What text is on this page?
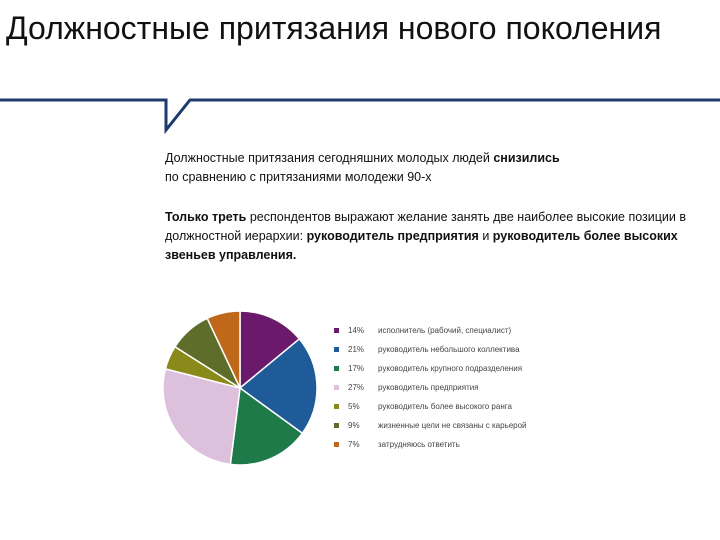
Должностные притязания нового поколения

Должностные притязания сегодняшних молодых людей снизились
по сравнению с притязаниями молодежи 90-х

Только треть респондентов выражают желание занять две наиболее высокие позиции в должностной иерархии: руководитель предприятия и руководитель более высоких звеньев управления.

14% исполнитель (рабочий, специалист)
21% руководитель небольшого коллектива
17% руководитель крупного подразделения
27% руководитель предприятия
5% руководитель более высокого ранга
9% жизненные цели не связаны с карьерой
7% затрудняюсь ответить
